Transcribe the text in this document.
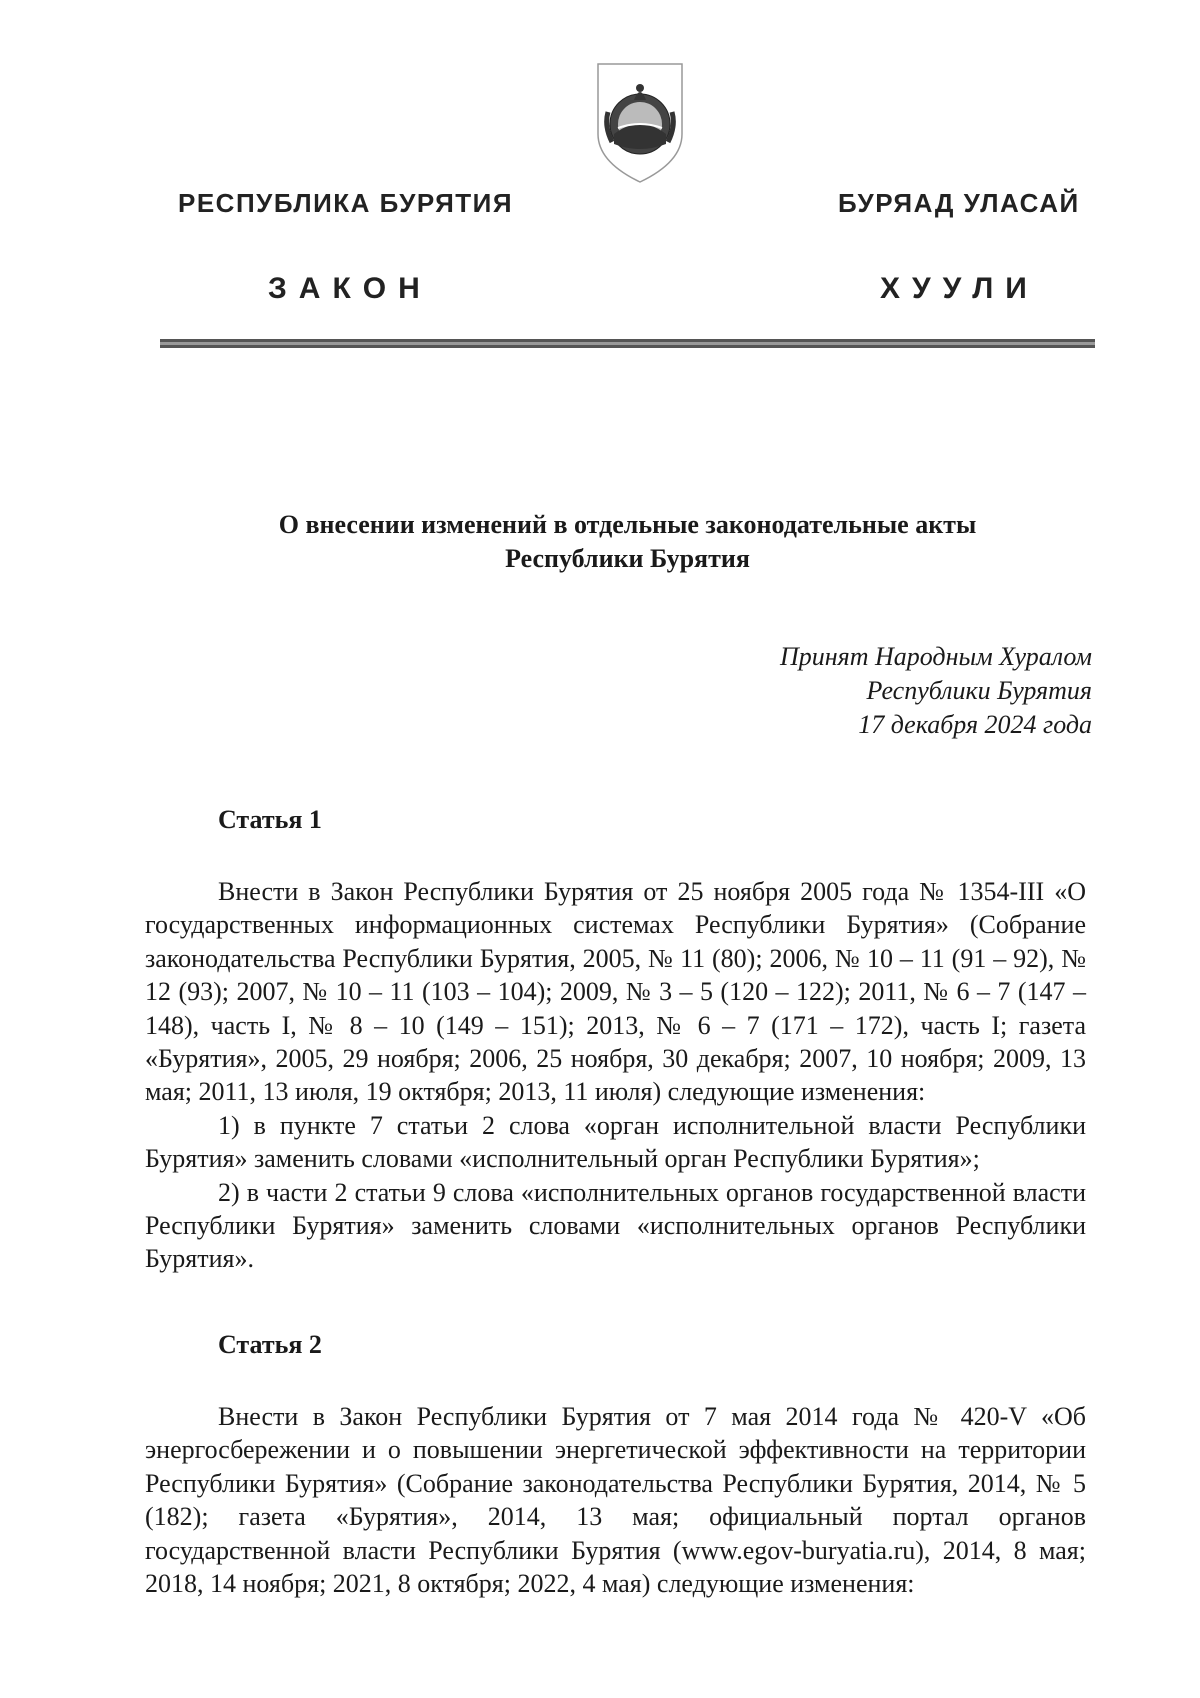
РЕСПУБЛИКА БУРЯТИЯ	БУРЯАД УЛАСАЙ
ЗАКОН	ХУУЛИ
О внесении изменений в отдельные законодательные акты
Республики Бурятия
Принят Народным Хуралом
Республики Бурятия
17 декабря 2024 года
Статья 1

Внести в Закон Республики Бурятия от 25 ноября 2005 года № 1354-III «О государственных информационных системах Республики Бурятия» (Собрание законодательства Республики Бурятия, 2005, № 11 (80); 2006, № 10 – 11 (91 – 92), № 12 (93); 2007, № 10 – 11 (103 – 104); 2009, № 3 – 5 (120 – 122); 2011, № 6 – 7 (147 – 148), часть I, № 8 – 10 (149 – 151); 2013, № 6 – 7 (171 – 172), часть I; газета «Бурятия», 2005, 29 ноября; 2006, 25 ноября, 30 декабря; 2007, 10 ноября; 2009, 13 мая; 2011, 13 июля, 19 октября; 2013, 11 июля) следующие изменения:

1) в пункте 7 статьи 2 слова «орган исполнительной власти Республики Бурятия» заменить словами «исполнительный орган Республики Бурятия»;

2) в части 2 статьи 9 слова «исполнительных органов государственной власти Республики Бурятия» заменить словами «исполнительных органов Республики Бурятия».

Статья 2

Внести в Закон Республики Бурятия от 7 мая 2014 года № 420-V «Об энергосбережении и о повышении энергетической эффективности на территории Республики Бурятия» (Собрание законодательства Республики Бурятия, 2014, № 5 (182); газета «Бурятия», 2014, 13 мая; официальный портал органов государственной власти Республики Бурятия (www.egov-buryatia.ru), 2014, 8 мая; 2018, 14 ноября; 2021, 8 октября; 2022, 4 мая) следующие изменения:
